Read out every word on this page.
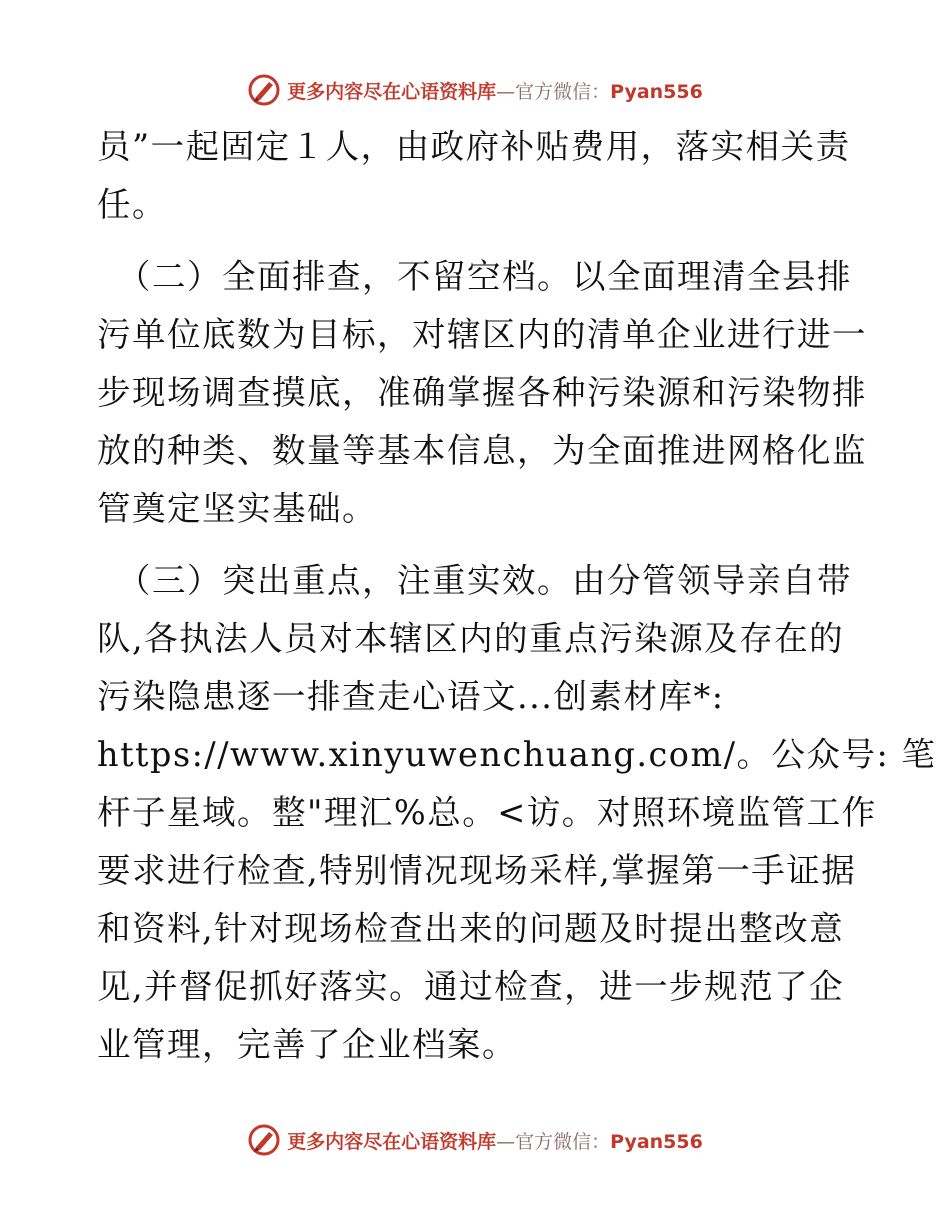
更多内容尽在心语资料库—官方微信：Pyan556
员”一起固定１人，由政府补贴费用，落实相关责
任。
（二）全面排查，不留空档。以全面理清全县排
污单位底数为目标，对辖区内的清单企业进行进一
步现场调查摸底，准确掌握各种污染源和污染物排
放的种类、数量等基本信息，为全面推进网格化监
管奠定坚实基础。
（三）突出重点，注重实效。由分管领导亲自带
队,各执法人员对本辖区内的重点污染源及存在的
污染隐患逐一排查走心语文...创素材库*:
https://www.xinyuwenchuang.com/。公众号: 笔
杆子星域。整"理汇%总。<访。对照环境监管工作
要求进行检查,特别情况现场采样,掌握第一手证据
和资料,针对现场检查出来的问题及时提出整改意
见,并督促抓好落实。通过检查，进一步规范了企
业管理，完善了企业档案。
更多内容尽在心语资料库—官方微信：Pyan556
